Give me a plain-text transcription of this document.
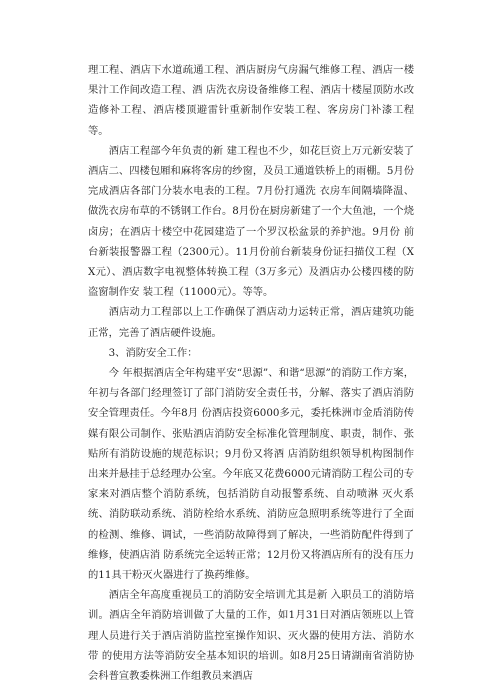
理工程、酒店下水道疏通工程、酒店厨房气房漏气维修工程、酒店一楼果汁工作间改造工程、酒 店洗衣房设备维修工程、酒店十楼屋顶防水改造修补工程、酒店楼顶避雷针重新制作安装工程、客房房门补漆工程等。

酒店工程部今年负责的新 建工程也不少，如花巨资上万元新安装了酒店二、四楼包厢和麻将客房的纱窗，及员工通道铁桥上的雨棚。5月份完成酒店各部门分装水电表的工程。7月份打通洗 衣房车间隔墙降温、做洗衣房布草的不锈钢工作台。8月份在厨房新建了一个大鱼池，一个烧卤房；在酒店十楼空中花园建造了一个罗汉松盆景的养护池。9月份 前台新装报警器工程（2300元）。11月份前台新装身份证扫描仪工程（XX元）、酒店数字电视整体转换工程（3万多元）及酒店办公楼四楼的防盗窗制作安 装工程（11000元）。等等。

酒店动力工程部以上工作确保了酒店动力运转正常，酒店建筑功能正常，完善了酒店硬件设施。

3、消防安全工作：

今 年根据酒店全年构建平安“思源”、和谐“思源”的消防工作方案，年初与各部门经理签订了部门消防安全责任书，分解、落实了酒店消防安全管理责任。今年8月 份酒店投资6000多元，委托株洲市金盾消防传媒有限公司制作、张贴酒店消防安全标准化管理制度、职责，制作、张贴所有消防设施的规范标识；9月份又将酒 店消防组织领导机构图制作出来并悬挂于总经理办公室。今年底又花费6000元请消防工程公司的专家来对酒店整个消防系统，包括消防自动报警系统、自动喷淋 灭火系统、消防联动系统、消防栓给水系统、消防应急照明系统等进行了全面的检测、维修、调试，一些消防故障得到了解决，一些消防配件得到了维修，使酒店消 防系统完全运转正常；12月份又将酒店所有的没有压力的11具干粉灭火器进行了换药维修。

酒店全年高度重视员工的消防安全培训尤其是新 入职员工的消防培训。酒店全年消防培训做了大量的工作，如1月31日对酒店领班以上管理人员进行关于酒店消防监控室操作知识、灭火器的使用方法、消防水带 的使用方法等消防安全基本知识的培训。如8月25日请湖南省消防协会科普宣教委株洲工作组教员来酒店
